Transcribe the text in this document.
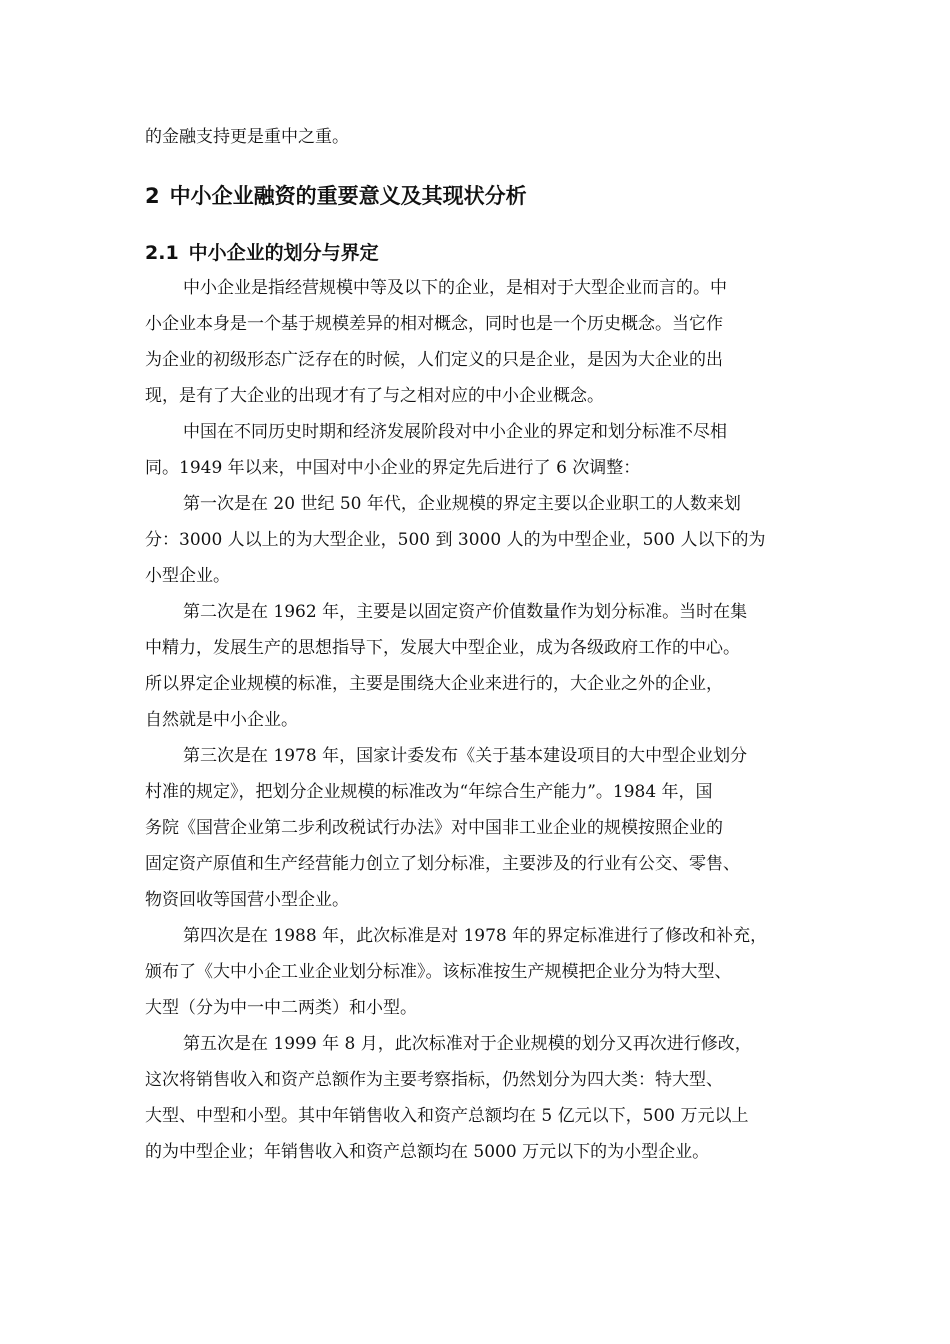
的金融支持更是重中之重。

2 中小企业融资的重要意义及其现状分析
2.1 中小企业的划分与界定

中小企业是指经营规模中等及以下的企业，是相对于大型企业而言的。中

小企业本身是一个基于规模差异的相对概念，同时也是一个历史概念。当它作

为企业的初级形态广泛存在的时候，人们定义的只是企业，是因为大企业的出

现，是有了大企业的出现才有了与之相对应的中小企业概念。

中国在不同历史时期和经济发展阶段对中小企业的界定和划分标准不尽相

同。1949 年以来，中国对中小企业的界定先后进行了 6 次调整：

第一次是在 20 世纪 50 年代，企业规模的界定主要以企业职工的人数来划

分：3000 人以上的为大型企业，500 到 3000 人的为中型企业，500 人以下的为

小型企业。

第二次是在 1962 年，主要是以固定资产价值数量作为划分标准。当时在集

中精力，发展生产的思想指导下，发展大中型企业，成为各级政府工作的中心。

所以界定企业规模的标准，主要是围绕大企业来进行的，大企业之外的企业，

自然就是中小企业。

第三次是在 1978 年，国家计委发布《关于基本建设项目的大中型企业划分

村准的规定》，把划分企业规模的标准改为“年综合生产能力”。1984 年，国

务院《国营企业第二步利改税试行办法》对中国非工业企业的规模按照企业的

固定资产原值和生产经营能力创立了划分标准，主要涉及的行业有公交、零售、

物资回收等国营小型企业。

第四次是在 1988 年，此次标准是对 1978 年的界定标准进行了修改和补充，

颁布了《大中小企工业企业划分标准》。该标准按生产规模把企业分为特大型、

大型（分为中一中二两类）和小型。

第五次是在 1999 年 8 月，此次标准对于企业规模的划分又再次进行修改，

这次将销售收入和资产总额作为主要考察指标，仍然划分为四大类：特大型、

大型、中型和小型。其中年销售收入和资产总额均在 5 亿元以下，500 万元以上

的为中型企业；年销售收入和资产总额均在 5000 万元以下的为小型企业。
